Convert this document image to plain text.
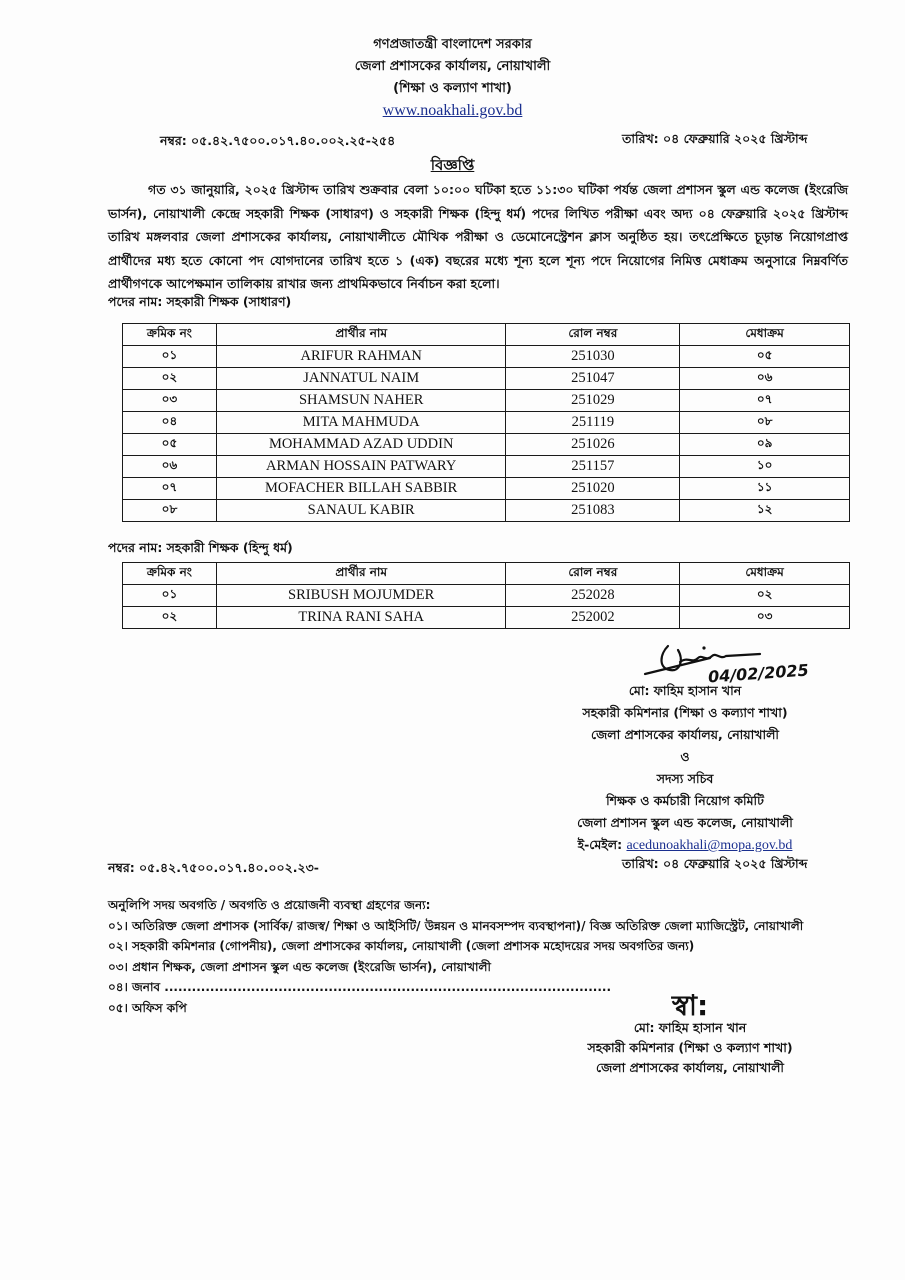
গণপ্রজাতন্ত্রী বাংলাদেশ সরকার
জেলা প্রশাসকের কার্যালয়, নোয়াখালী
(শিক্ষা ও কল্যাণ শাখা)
www.noakhali.gov.bd
নম্বর: ০৫.৪২.৭৫০০.০১৭.৪০.০০২.২৫-২৫৪	তারিখ: ০৪ ফেব্রুয়ারি ২০২৫ খ্রিস্টাব্দ
বিজ্ঞপ্তি
গত ৩১ জানুয়ারি, ২০২৫ খ্রিস্টাব্দ তারিখ শুক্রবার বেলা ১০:০০ ঘটিকা হতে ১১:৩০ ঘটিকা পর্যন্ত জেলা প্রশাসন স্কুল এন্ড কলেজ (ইংরেজি ভার্সন), নোয়াখালী কেন্দ্রে সহকারী শিক্ষক (সাধারণ) ও সহকারী শিক্ষক (হিন্দু ধর্ম) পদের লিখিত পরীক্ষা এবং অদ্য ০৪ ফেব্রুয়ারি ২০২৫ খ্রিস্টাব্দ তারিখ মঙ্গলবার জেলা প্রশাসকের কার্যালয়, নোয়াখালীতে মৌখিক পরীক্ষা ও ডেমোনেস্ট্রেশন ক্লাস অনুষ্ঠিত হয়। তৎপ্রেক্ষিতে চূড়ান্ত নিয়োগপ্রাপ্ত প্রার্থীদের মধ্য হতে কোনো পদ যোগদানের তারিখ হতে ১ (এক) বছরের মধ্যে শূন্য হলে শূন্য পদে নিয়োগের নিমিত্ত মেধাক্রম অনুসারে নিম্নবর্ণিত প্রার্থীগণকে আপেক্ষমান তালিকায় রাখার জন্য প্রাথমিকভাবে নির্বাচন করা হলো।
পদের নাম: সহকারী শিক্ষক (সাধারণ)
ক্রমিক নং	প্রার্থীর নাম	রোল নম্বর	মেধাক্রম
০১	ARIFUR RAHMAN	251030	০৫
০২	JANNATUL NAIM	251047	০৬
০৩	SHAMSUN NAHER	251029	০৭
০৪	MITA MAHMUDA	251119	০৮
০৫	MOHAMMAD AZAD UDDIN	251026	০৯
০৬	ARMAN HOSSAIN PATWARY	251157	১০
০৭	MOFACHER BILLAH SABBIR	251020	১১
০৮	SANAUL KABIR	251083	১২
পদের নাম: সহকারী শিক্ষক (হিন্দু ধর্ম)
ক্রমিক নং	প্রার্থীর নাম	রোল নম্বর	মেধাক্রম
০১	SRIBUSH MOJUMDER	252028	০২
০২	TRINA RANI SAHA	252002	০৩
04/02/2025
মো: ফাহিম হাসান খান
সহকারী কমিশনার (শিক্ষা ও কল্যাণ শাখা)
জেলা প্রশাসকের কার্যালয়, নোয়াখালী
ও
সদস্য সচিব
শিক্ষক ও কর্মচারী নিয়োগ কমিটি
জেলা প্রশাসন স্কুল এন্ড কলেজ, নোয়াখালী
ই-মেইল: acedunoakhali@mopa.gov.bd
নম্বর: ০৫.৪২.৭৫০০.০১৭.৪০.০০২.২৩-	তারিখ: ০৪ ফেব্রুয়ারি ২০২৫ খ্রিস্টাব্দ
অনুলিপি সদয় অবগতি / অবগতি ও প্রয়োজনী ব্যবস্থা গ্রহণের জন্য:
০১। অতিরিক্ত জেলা প্রশাসক (সার্বিক/ রাজস্ব/ শিক্ষা ও আইসিটি/ উন্নয়ন ও মানবসম্পদ ব্যবস্থাপনা)/ বিজ্ঞ অতিরিক্ত জেলা ম্যাজিস্ট্রেট, নোয়াখালী
০২। সহকারী কমিশনার (গোপনীয়), জেলা প্রশাসকের কার্যালয়, নোয়াখালী (জেলা প্রশাসক মহোদয়ের সদয় অবগতির জন্য)
০৩। প্রধান শিক্ষক, জেলা প্রশাসন স্কুল এন্ড কলেজ (ইংরেজি ভার্সন), নোয়াখালী
০৪। জনাব ..................................................................................................
০৫। অফিস কপি	স্বা:
মো: ফাহিম হাসান খান
সহকারী কমিশনার (শিক্ষা ও কল্যাণ শাখা)
জেলা প্রশাসকের কার্যালয়, নোয়াখালী
